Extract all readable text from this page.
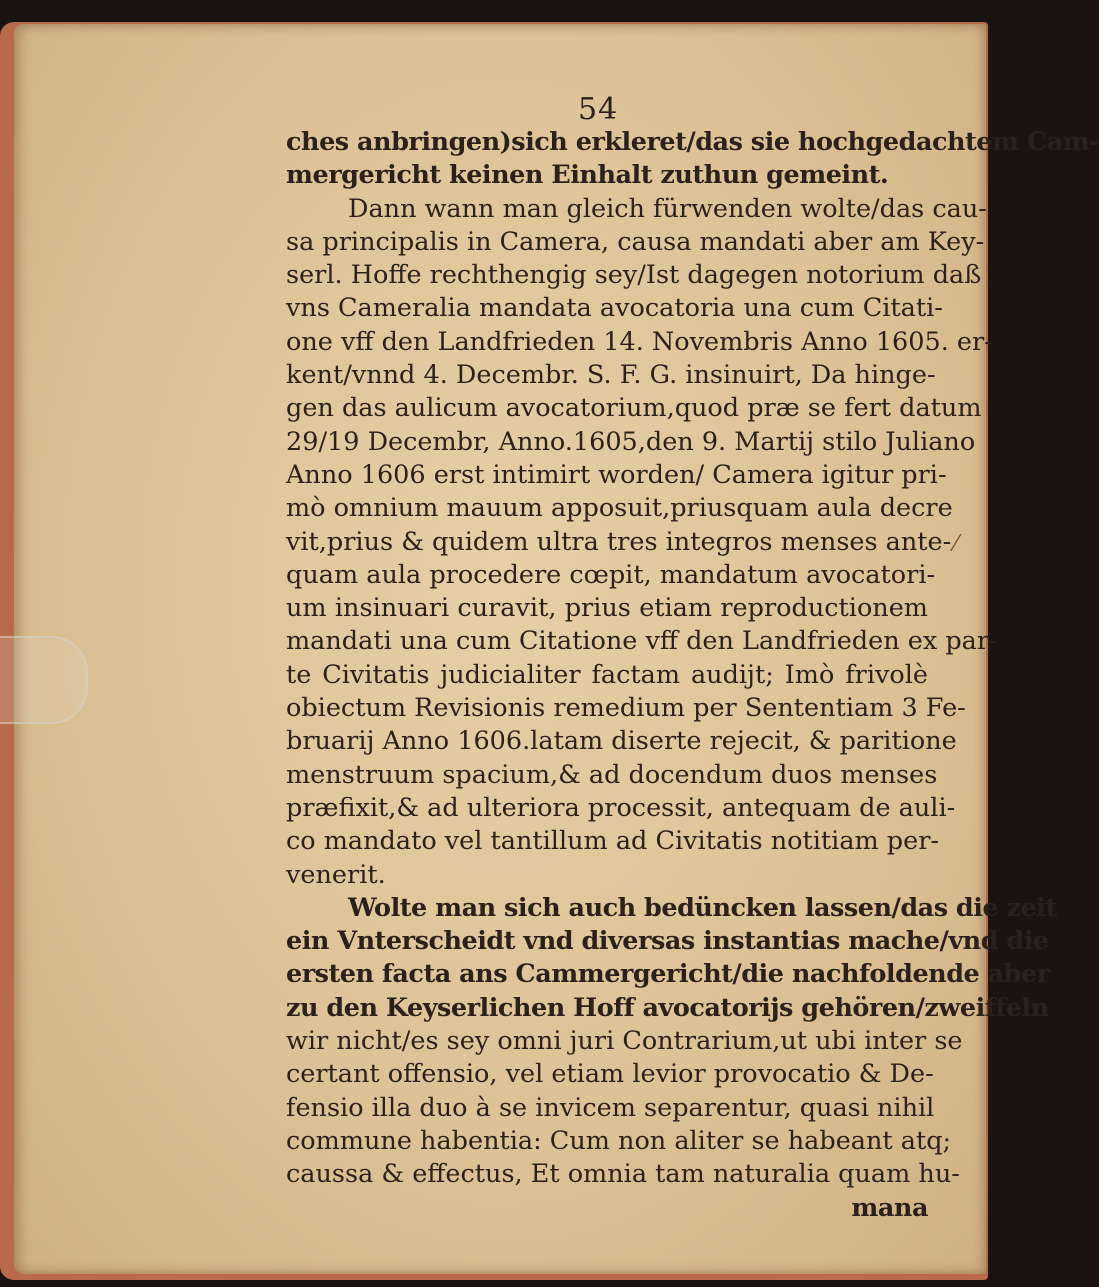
54
ches anbringen)sich erkleret/das sie hochgedachtem Cam-
mergericht keinen Einhalt zuthun gemeint.
Dann wann man gleich fürwenden wolte/das cau-
sa principalis in Camera, causa mandati aber am Key-
serl. Hoffe rechthengig sey/Ist dagegen notorium daß
vns Cameralia mandata avocatoria una cum Citati-
one vff den Landfrieden 14. Novembris Anno 1605. er-
kent/vnnd 4. Decembr. S. F. G. insinuirt, Da hinge-
gen das aulicum avocatorium,quod præ se fert datum
29/19 Decembr, Anno.1605,den 9. Martij stilo Juliano
Anno 1606 erst intimirt worden/ Camera igitur pri-
mò omnium mauum apposuit,priusquam aula decre
vit,prius & quidem ultra tres integros menses ante-
quam aula procedere cœpit, mandatum avocatori-
um insinuari curavit, prius etiam reproductionem
mandati una cum Citatione vff den Landfrieden ex par-
te Civitatis judicialiter factam audijt; Imò frivolè
obiectum Revisionis remedium per Sententiam 3 Fe-
bruarij Anno 1606.latam diserte rejecit, & paritione
menstruum spacium,& ad docendum duos menses
præfixit,& ad ulteriora processit, antequam de auli-
co mandato vel tantillum ad Civitatis notitiam per-
venerit.
Wolte man sich auch bedüncken lassen/das die zeit
ein Vnterscheidt vnd diversas instantias mache/vnd die
ersten facta ans Cammergericht/die nachfoldende aber
zu den Keyserlichen Hoff avocatorijs gehören/zweiffeln
wir nicht/es sey omni juri Contrarium,ut ubi inter se
certant offensio, vel etiam levior provocatio & De-
fensio illa duo à se invicem separentur, quasi nihil
commune habentia: Cum non aliter se habeant atq;
caussa & effectus, Et omnia tam naturalia quam hu-
mana
⁄
